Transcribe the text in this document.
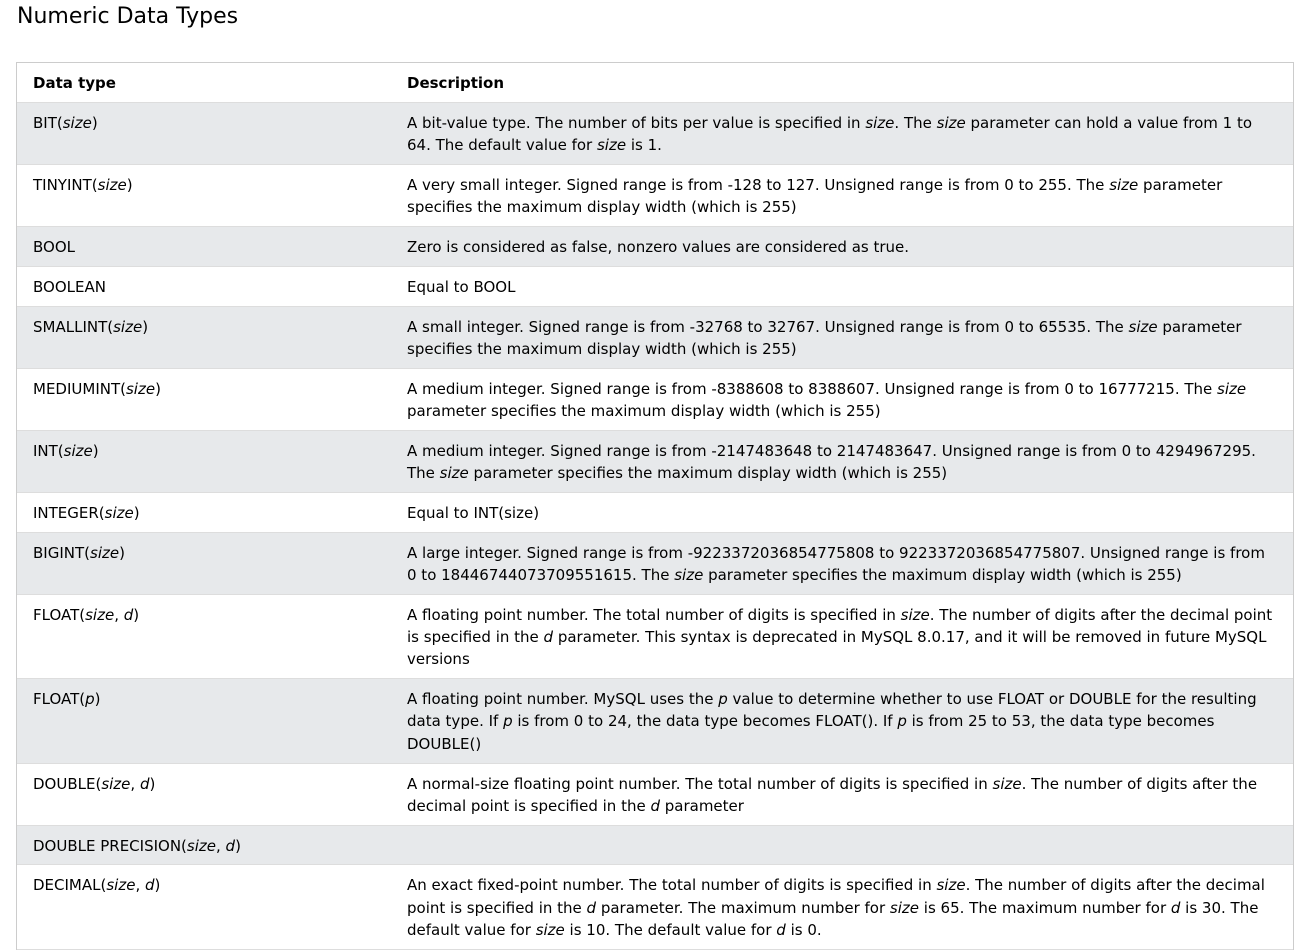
Numeric Data Types
Data type	Description
BIT(size)	A bit-value type. The number of bits per value is specified in size. The size parameter can hold a value from 1 to 64. The default value for size is 1.
TINYINT(size)	A very small integer. Signed range is from -128 to 127. Unsigned range is from 0 to 255. The size parameter specifies the maximum display width (which is 255)
BOOL	Zero is considered as false, nonzero values are considered as true.
BOOLEAN	Equal to BOOL
SMALLINT(size)	A small integer. Signed range is from -32768 to 32767. Unsigned range is from 0 to 65535. The size parameter specifies the maximum display width (which is 255)
MEDIUMINT(size)	A medium integer. Signed range is from -8388608 to 8388607. Unsigned range is from 0 to 16777215. The size parameter specifies the maximum display width (which is 255)
INT(size)	A medium integer. Signed range is from -2147483648 to 2147483647. Unsigned range is from 0 to 4294967295. The size parameter specifies the maximum display width (which is 255)
INTEGER(size)	Equal to INT(size)
BIGINT(size)	A large integer. Signed range is from -9223372036854775808 to 9223372036854775807. Unsigned range is from 0 to 18446744073709551615. The size parameter specifies the maximum display width (which is 255)
FLOAT(size, d)	A floating point number. The total number of digits is specified in size. The number of digits after the decimal point is specified in the d parameter. This syntax is deprecated in MySQL 8.0.17, and it will be removed in future MySQL versions
FLOAT(p)	A floating point number. MySQL uses the p value to determine whether to use FLOAT or DOUBLE for the resulting data type. If p is from 0 to 24, the data type becomes FLOAT(). If p is from 25 to 53, the data type becomes DOUBLE()
DOUBLE(size, d)	A normal-size floating point number. The total number of digits is specified in size. The number of digits after the decimal point is specified in the d parameter
DOUBLE PRECISION(size, d)	
DECIMAL(size, d)	An exact fixed-point number. The total number of digits is specified in size. The number of digits after the decimal point is specified in the d parameter. The maximum number for size is 65. The maximum number for d is 30. The default value for size is 10. The default value for d is 0.
